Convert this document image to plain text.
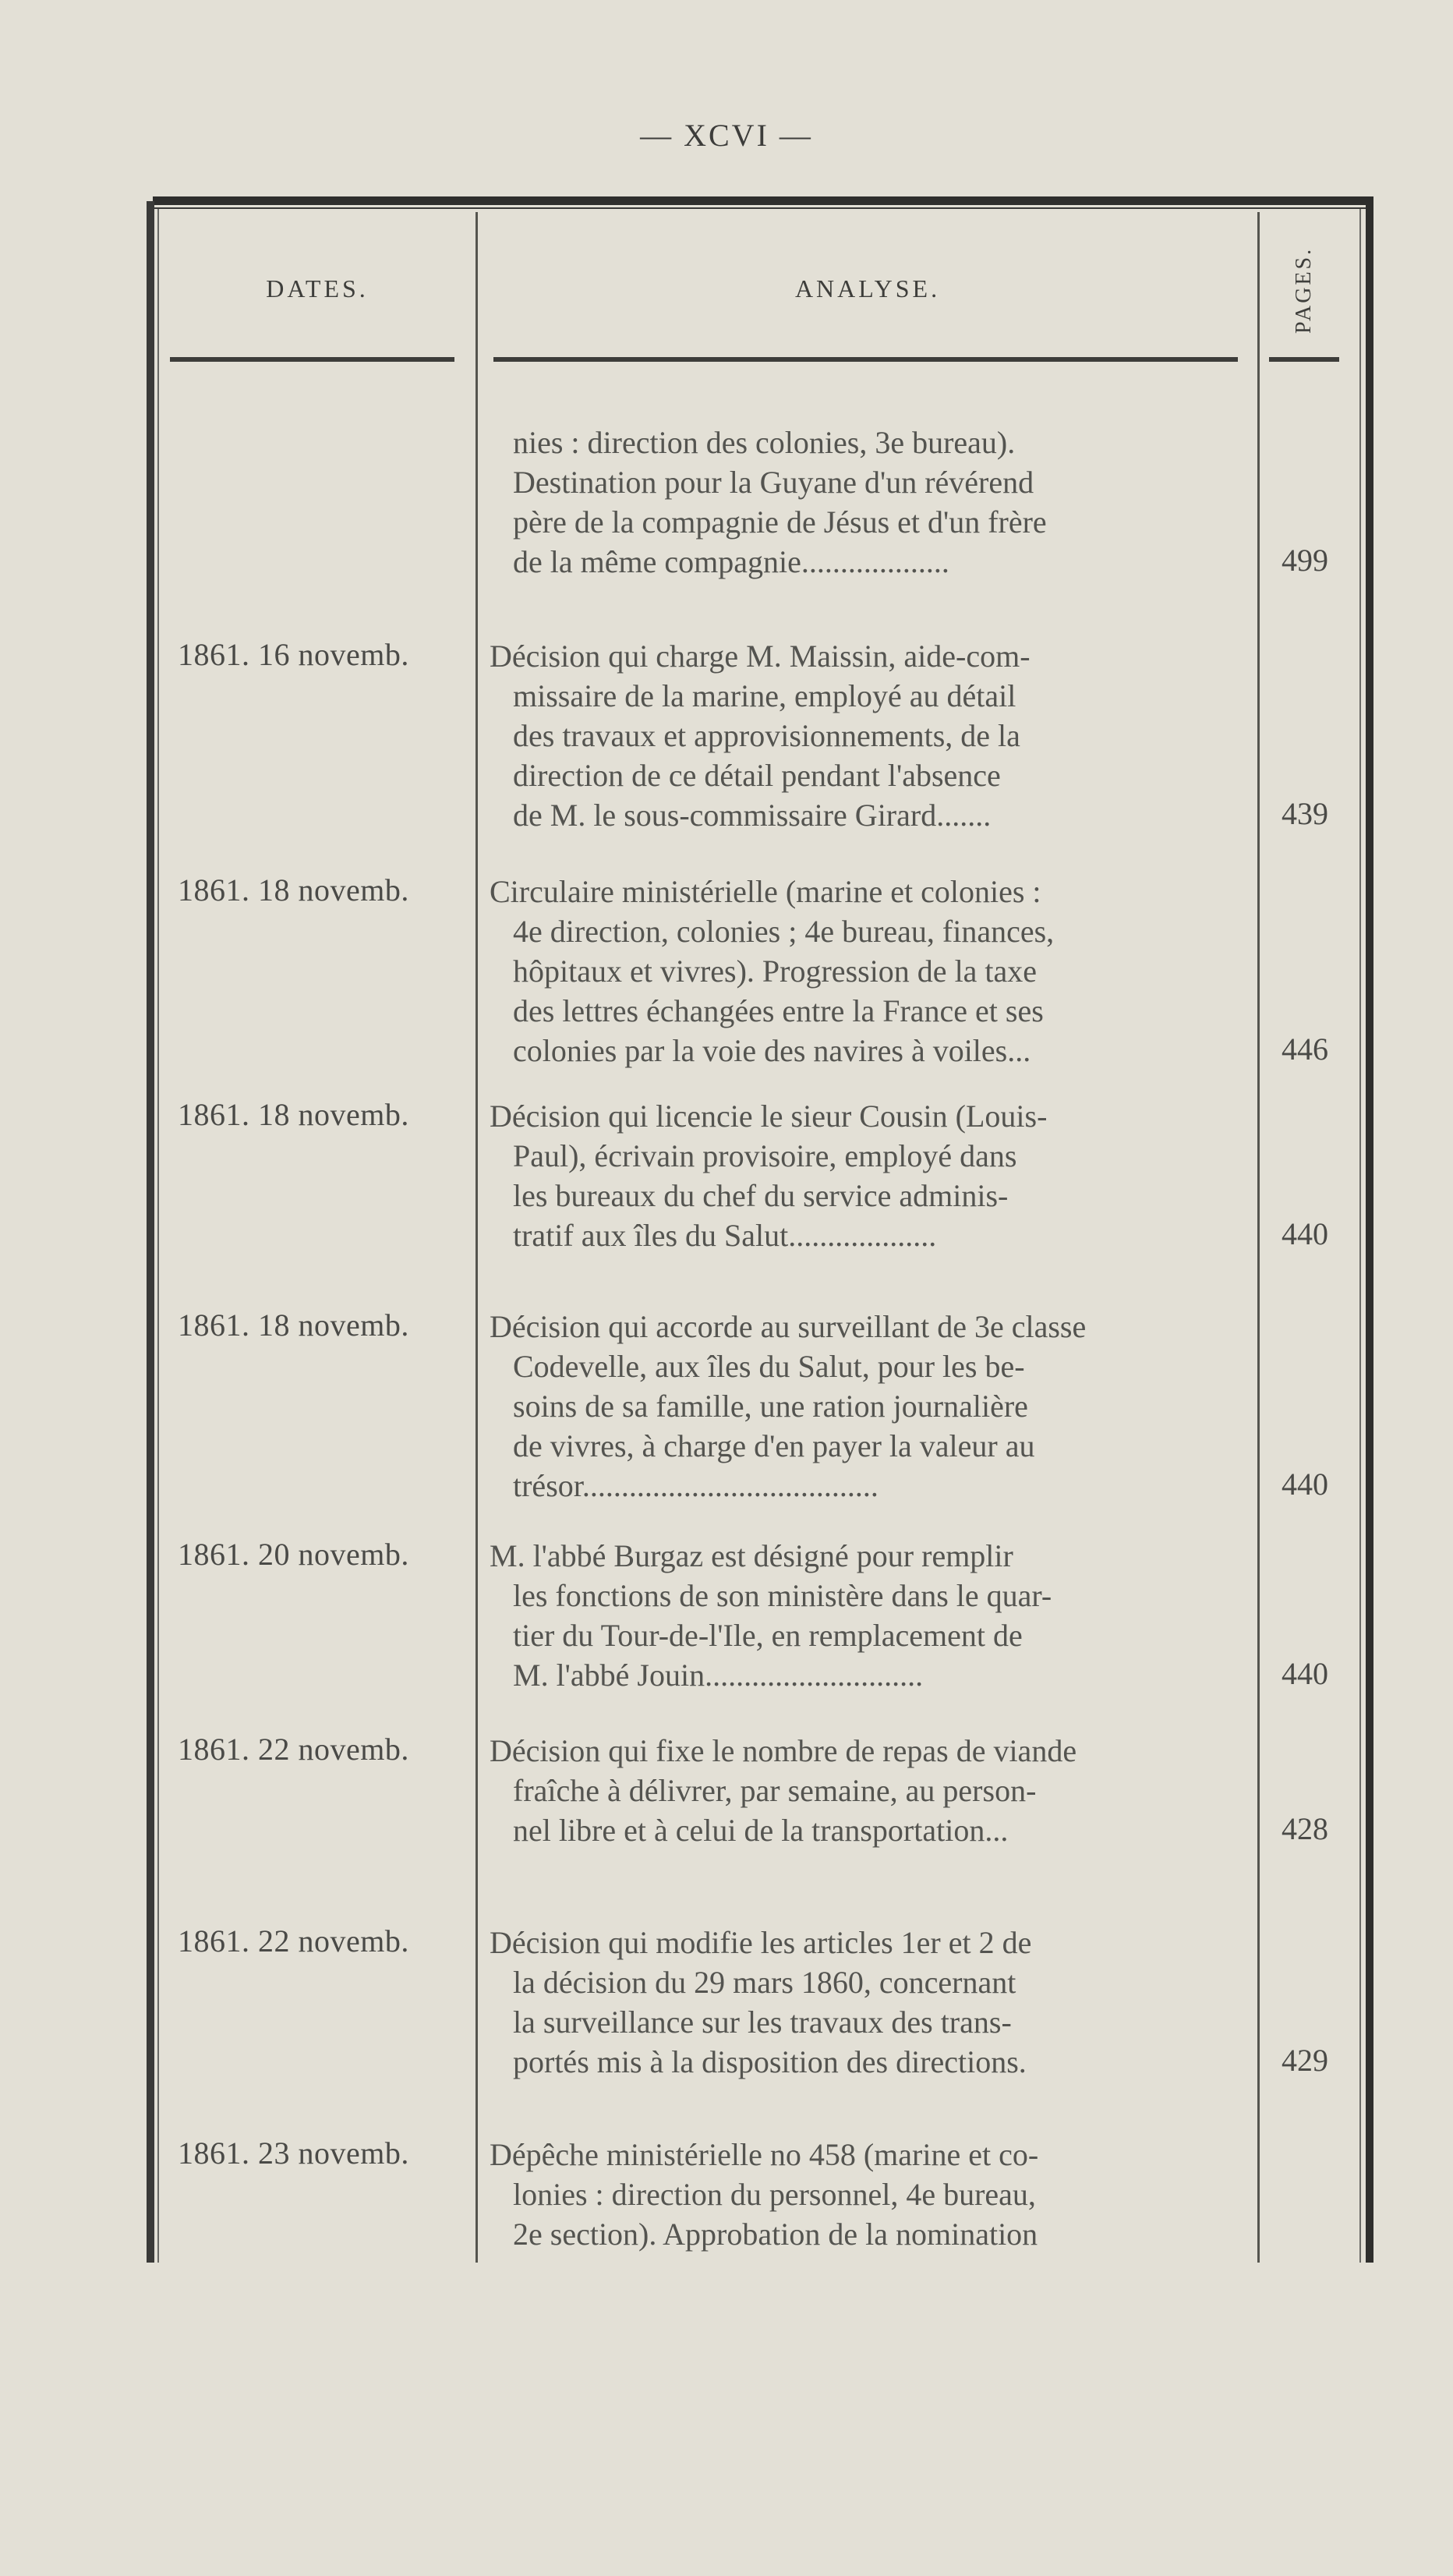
— XCVI —
DATES.	ANALYSE.	PAGES.
nies : direction des colonies, 3e bureau).
Destination pour la Guyane d'un révérend
père de la compagnie de Jésus et d'un frère
de la même compagnie...................	499
1861. 16 novemb.	Décision qui charge M. Maissin, aide-com-
missaire de la marine, employé au détail
des travaux et approvisionnements, de la
direction de ce détail pendant l'absence
de M. le sous-commissaire Girard.......	439
1861. 18 novemb.	Circulaire ministérielle (marine et colonies :
4e direction, colonies ; 4e bureau, finances,
hôpitaux et vivres). Progression de la taxe
des lettres échangées entre la France et ses
colonies par la voie des navires à voiles...	446
1861. 18 novemb.	Décision qui licencie le sieur Cousin (Louis-
Paul), écrivain provisoire, employé dans
les bureaux du chef du service adminis-
tratif aux îles du Salut...................	440
1861. 18 novemb.	Décision qui accorde au surveillant de 3e classe
Codevelle, aux îles du Salut, pour les be-
soins de sa famille, une ration journalière
de vivres, à charge d'en payer la valeur au
trésor......................................	440
1861. 20 novemb.	M. l'abbé Burgaz est désigné pour remplir
les fonctions de son ministère dans le quar-
tier du Tour-de-l'Ile, en remplacement de
M. l'abbé Jouin............................	440
1861. 22 novemb.	Décision qui fixe le nombre de repas de viande
fraîche à délivrer, par semaine, au person-
nel libre et à celui de la transportation...	428
1861. 22 novemb.	Décision qui modifie les articles 1er et 2 de
la décision du 29 mars 1860, concernant
la surveillance sur les travaux des trans-
portés mis à la disposition des directions.	429
1861. 23 novemb.	Dépêche ministérielle no 458 (marine et co-
lonies : direction du personnel, 4e bureau,
2e section). Approbation de la nomination
